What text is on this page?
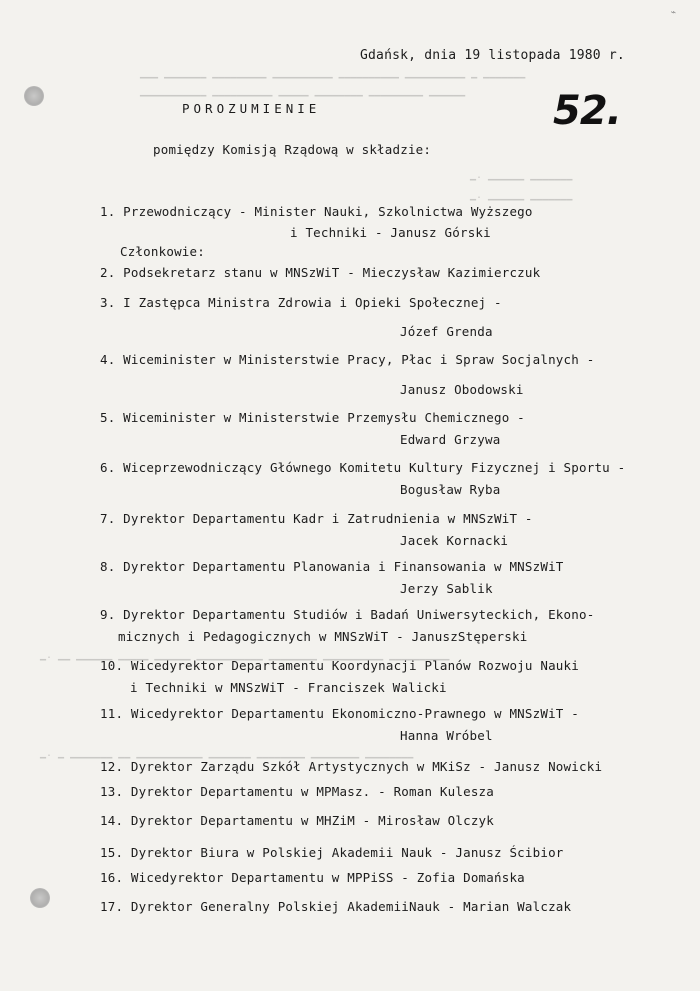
⌁
▁▁▁ ▁▁▁▁▁▁▁ ▁▁▁▁▁▁▁▁▁ ▁▁▁▁▁▁▁▁▁▁ ▁▁▁▁▁▁▁▁▁▁ ▁▁▁▁▁▁▁▁▁▁ ▁ ▁▁▁▁▁▁▁
▁▁▁▁▁▁▁▁▁▁▁ ▁▁▁▁▁▁▁▁▁▁ ▁▁▁▁▁ ▁▁▁▁▁▁▁▁ ▁▁▁▁▁▁▁▁▁ ▁▁▁▁▁▁
▁. ▁▁▁▁▁▁ ▁▁▁▁▁▁▁
▁. ▁▁▁▁▁▁ ▁▁▁▁▁▁▁
▁. ▁▁ ▁▁▁▁▁▁ ▁▁▁▁▁ ▁▁▁▁▁▁ ▁▁▁▁▁▁▁▁▁▁▁ ▁▁▁▁▁▁▁▁ ▁▁▁▁▁▁▁▁▁▁ ▁▁▁▁▁▁▁▁▁▁
▁. ▁ ▁▁▁▁▁▁▁ ▁▁ ▁▁▁▁▁▁▁▁▁▁▁ ▁▁▁▁▁▁▁ ▁▁▁▁▁▁▁▁ ▁▁▁▁▁▁▁▁ ▁▁▁▁▁▁▁▁
Gdańsk, dnia 19 listopada 1980 r.
POROZUMIENIE	52.
pomiędzy Komisją Rządową w składzie:
1. Przewodniczący - Minister Nauki, Szkolnictwa Wyższego
i Techniki - Janusz Górski
Członkowie:
2. Podsekretarz stanu w MNSzWiT - Mieczysław Kazimierczuk
3. I Zastępca Ministra Zdrowia i Opieki Społecznej -
Józef Grenda
4. Wiceminister w Ministerstwie Pracy, Płac i Spraw Socjalnych -
Janusz Obodowski
5. Wiceminister w Ministerstwie Przemysłu Chemicznego -
Edward Grzywa
6. Wiceprzewodniczący Głównego Komitetu Kultury Fizycznej i Sportu -
Bogusław Ryba
7. Dyrektor Departamentu Kadr i Zatrudnienia w MNSzWiT -
Jacek Kornacki
8. Dyrektor Departamentu Planowania i Finansowania w MNSzWiT
Jerzy Sablik
9. Dyrektor Departamentu Studiów i Badań Uniwersyteckich, Ekono-
micznych i Pedagogicznych w MNSzWiT - JanuszStęperski
10. Wicedyrektor Departamentu Koordynacji Planów Rozwoju Nauki
i Techniki w MNSzWiT - Franciszek Walicki
11. Wicedyrektor Departamentu Ekonomiczno-Prawnego w MNSzWiT -
Hanna Wróbel
12. Dyrektor Zarządu Szkół Artystycznych w MKiSz - Janusz Nowicki
13. Dyrektor Departamentu w MPMasz. - Roman Kulesza
14. Dyrektor Departamentu w MHZiM - Mirosław Olczyk
15. Dyrektor Biura w Polskiej Akademii Nauk - Janusz Ścibior
16. Wicedyrektor Departamentu w MPPiSS - Zofia Domańska
17. Dyrektor Generalny Polskiej AkademiiNauk - Marian Walczak
